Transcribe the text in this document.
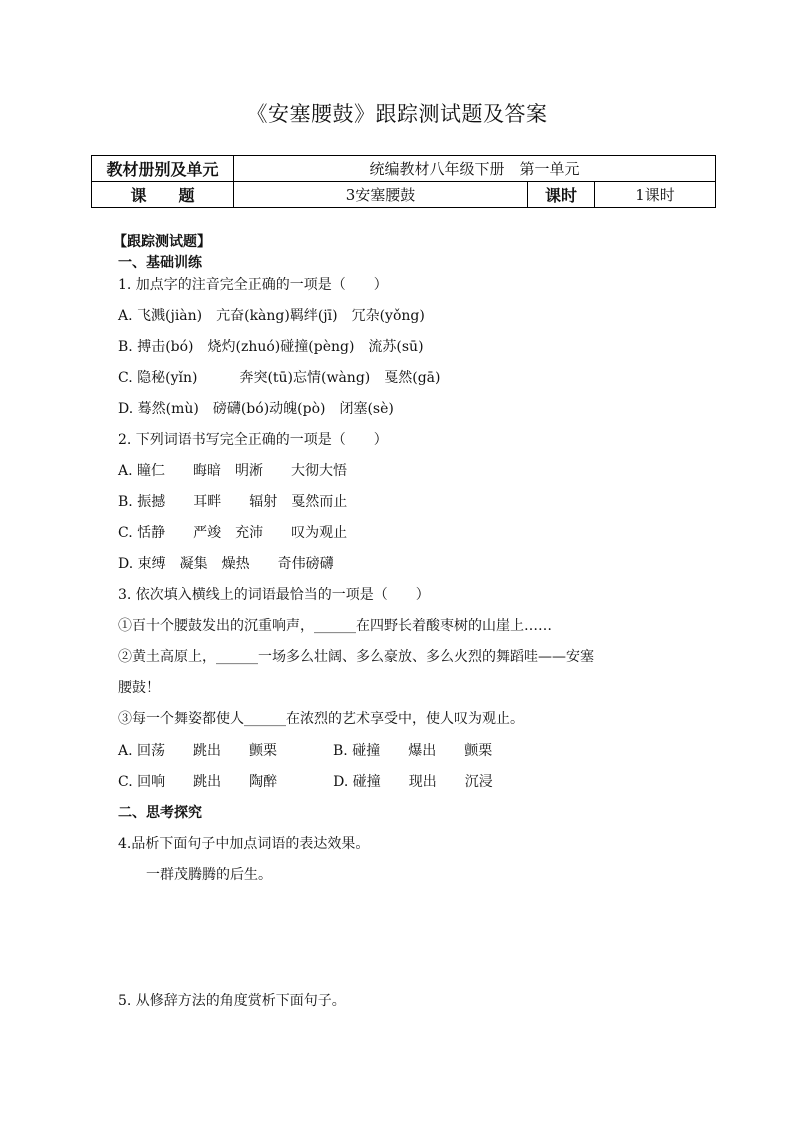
《安塞腰鼓》跟踪测试题及答案
教材册别及单元	统编教材八年级下册　第一单元		
课　　题	3安塞腰鼓	课时	1课时
【跟踪测试题】
一、基础训练
1. 加点字的注音完全正确的一项是（　　）
A. 飞溅(jiàn)　亢奋(kàng)羁绊(jī)　冗杂(yǒng)
B. 搏击(bó)　烧灼(zhuó)碰撞(pèng)　流苏(sū)
C. 隐秘(yǐn)　　　奔突(tū)忘情(wàng)　戛然(gā)
D. 蓦然(mù)　磅礴(bó)动魄(pò)　闭塞(sè)
2. 下列词语书写完全正确的一项是（　　）
A. 瞳仁　　晦暗　明淅　　大彻大悟
B. 振撼　　耳畔　　辐射　戛然而止
C. 恬静　　严竣　充沛　　叹为观止
D. 束缚　凝集　燥热　　奇伟磅礴
3. 依次填入横线上的词语最恰当的一项是（　　）
①百十个腰鼓发出的沉重响声，______在四野长着酸枣树的山崖上……
②黄土高原上，______一场多么壮阔、多么豪放、多么火烈的舞蹈哇——安塞
腰鼓！
③每一个舞姿都使人______在浓烈的艺术享受中，使人叹为观止。
A. 回荡　　跳出　　颤栗　　　　B. 碰撞　　爆出　　颤栗
C. 回响　　跳出　　陶醉　　　　D. 碰撞　　现出　　沉浸
二、思考探究
4.品析下面句子中加点词语的表达效果。
　一群茂腾腾的后生。
5. 从修辞方法的角度赏析下面句子。
